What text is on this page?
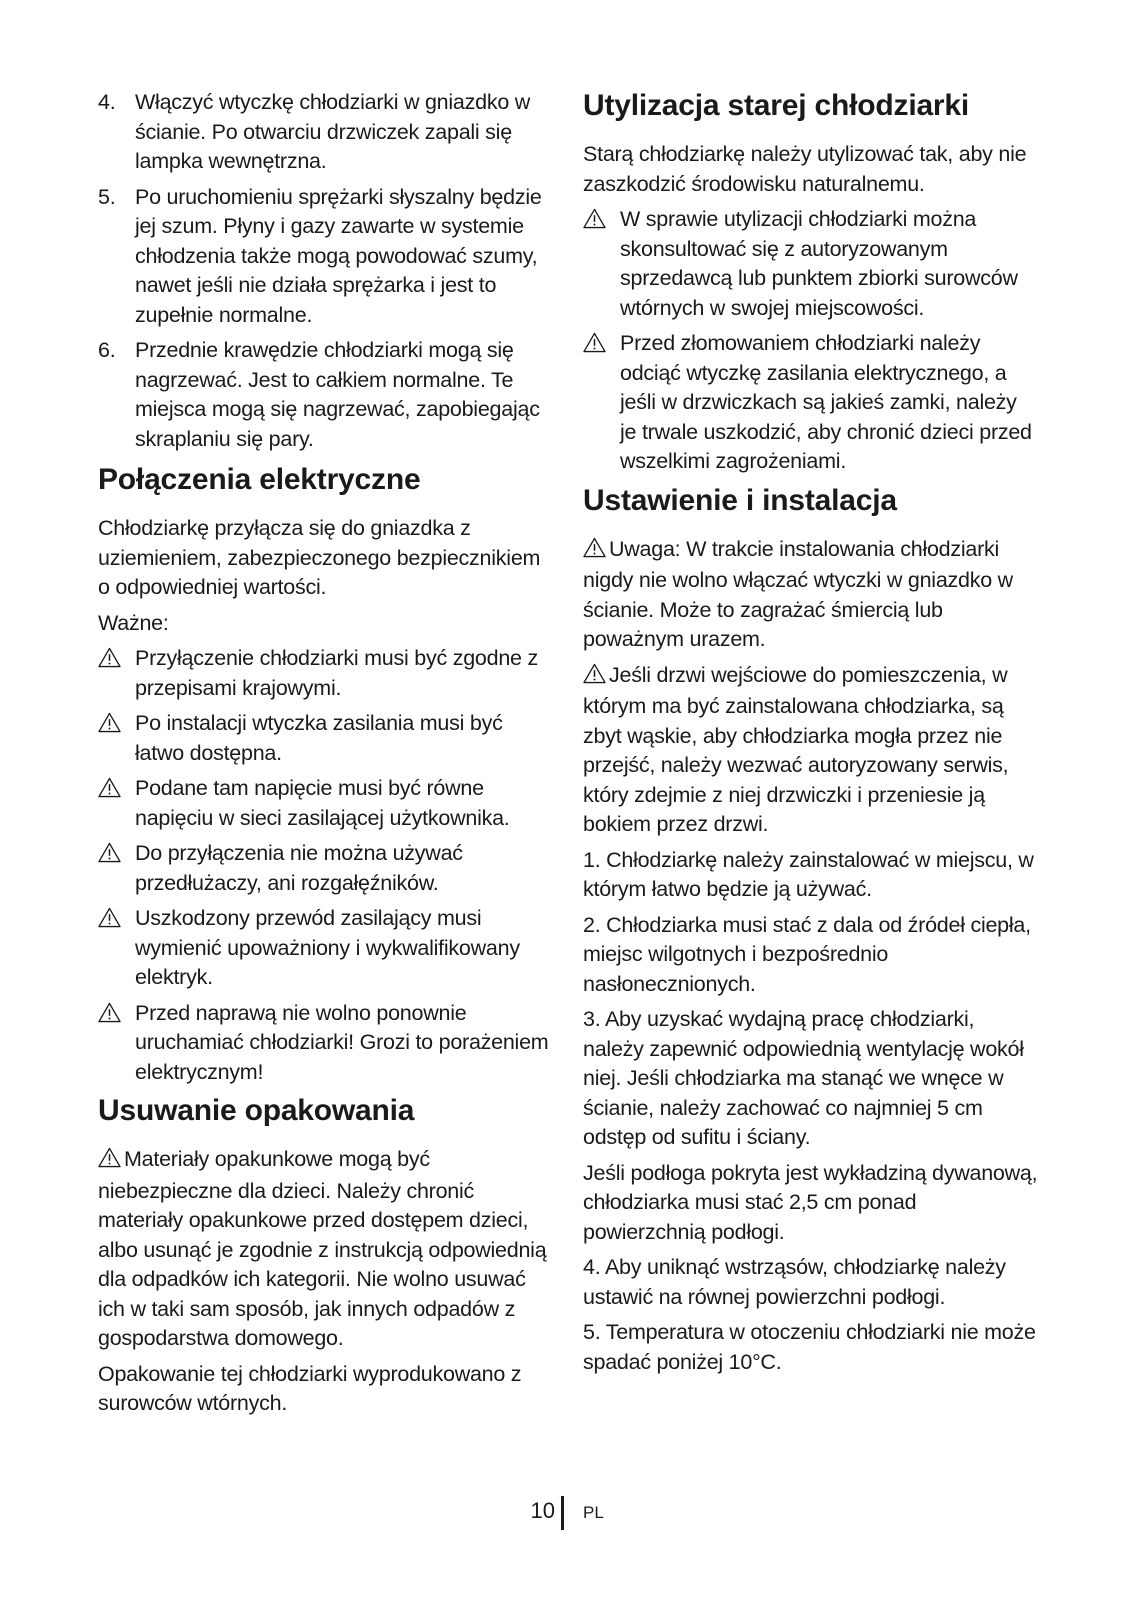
4. Włączyć wtyczkę chłodziarki w gniazdko w ścianie. Po otwarciu drzwiczek zapali się lampka wewnętrzna.
5. Po uruchomieniu sprężarki słyszalny będzie jej szum. Płyny i gazy zawarte w systemie chłodzenia także mogą powodować szumy, nawet jeśli nie działa sprężarka i jest to zupełnie normalne.
6. Przednie krawędzie chłodziarki mogą się nagrzewać. Jest to całkiem normalne. Te miejsca mogą się nagrzewać, zapobiegając skraplaniu się pary.
Połączenia elektryczne

Chłodziarkę przyłącza się do gniazdka z uziemieniem, zabezpieczonego bezpiecznikiem o odpowiedniej wartości.

Ważne:

Przyłączenie chłodziarki musi być zgodne z przepisami krajowymi.
Po instalacji wtyczka zasilania musi być łatwo dostępna.
Podane tam napięcie musi być równe napięciu w sieci zasilającej użytkownika.
Do przyłączenia nie można używać przedłużaczy, ani rozgałęźników.
Uszkodzony przewód zasilający musi wymienić upoważniony i wykwalifikowany elektryk.
Przed naprawą nie wolno ponownie uruchamiać chłodziarki! Grozi to porażeniem elektrycznym!
Usuwanie opakowania

Materiały opakunkowe mogą być niebezpieczne dla dzieci. Należy chronić materiały opakunkowe przed dostępem dzieci, albo usunąć je zgodnie z instrukcją odpowiednią dla odpadków ich kategorii. Nie wolno usuwać ich w taki sam sposób, jak innych odpadów z gospodarstwa domowego.

Opakowanie tej chłodziarki wyprodukowano z surowców wtórnych.

Utylizacja starej chłodziarki

Starą chłodziarkę należy utylizować tak, aby nie zaszkodzić środowisku naturalnemu.

W sprawie utylizacji chłodziarki można skonsultować się z autoryzowanym sprzedawcą lub punktem zbiorki surowców wtórnych w swojej miejscowości.
Przed złomowaniem chłodziarki należy odciąć wtyczkę zasilania elektrycznego, a jeśli w drzwiczkach są jakieś zamki, należy je trwale uszkodzić, aby chronić dzieci przed wszelkimi zagrożeniami.
Ustawienie i instalacja

Uwaga: W trakcie instalowania chłodziarki nigdy nie wolno włączać wtyczki w gniazdko w ścianie. Może to zagrażać śmiercią lub poważnym urazem.

Jeśli drzwi wejściowe do pomieszczenia, w którym ma być zainstalowana chłodziarka, są zbyt wąskie, aby chłodziarka mogła przez nie przejść, należy wezwać autoryzowany serwis, który zdejmie z niej drzwiczki i przeniesie ją bokiem przez drzwi.

1. Chłodziarkę należy zainstalować w miejscu, w którym łatwo będzie ją używać.

2. Chłodziarka musi stać z dala od źródeł ciepła, miejsc wilgotnych i bezpośrednio nasłonecznionych.

3. Aby uzyskać wydajną pracę chłodziarki, należy zapewnić odpowiednią wentylację wokół niej. Jeśli chłodziarka ma stanąć we wnęce w ścianie, należy zachować co najmniej 5 cm odstęp od sufitu i ściany.

Jeśli podłoga pokryta jest wykładziną dywanową, chłodziarka musi stać 2,5 cm ponad powierzchnią podłogi.

4. Aby uniknąć wstrząsów, chłodziarkę należy ustawić na równej powierzchni podłogi.

5. Temperatura w otoczeniu chłodziarki nie może spadać poniżej 10°C.

10 PL
